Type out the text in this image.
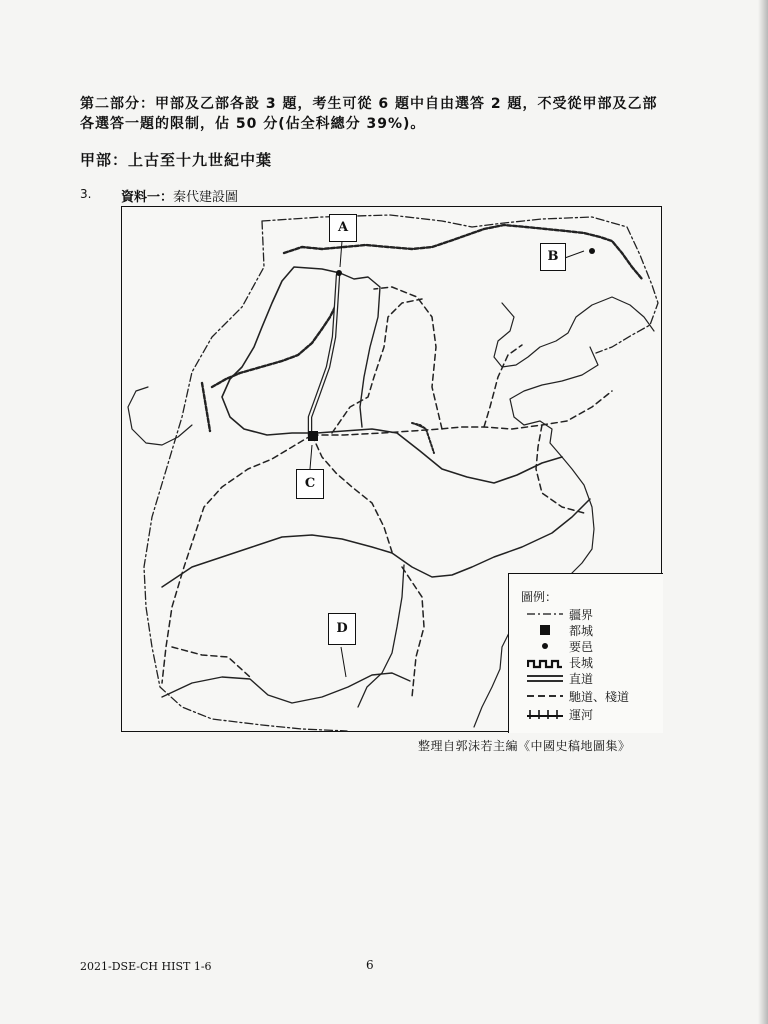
第二部分：甲部及乙部各設 3 題，考生可從 6 題中自由選答 2 題，不受從甲部及乙部
各選答一題的限制，佔 50 分(佔全科總分 39%)。
甲部：上古至十九世紀中葉
3. 資料一：秦代建設圖
A
B
C
D
圖例：
疆界
都城
要邑
長城
直道
馳道、棧道
運河
整理自郭沫若主編《中國史稿地圖集》
2021-DSE-CH HIST 1-6	6
